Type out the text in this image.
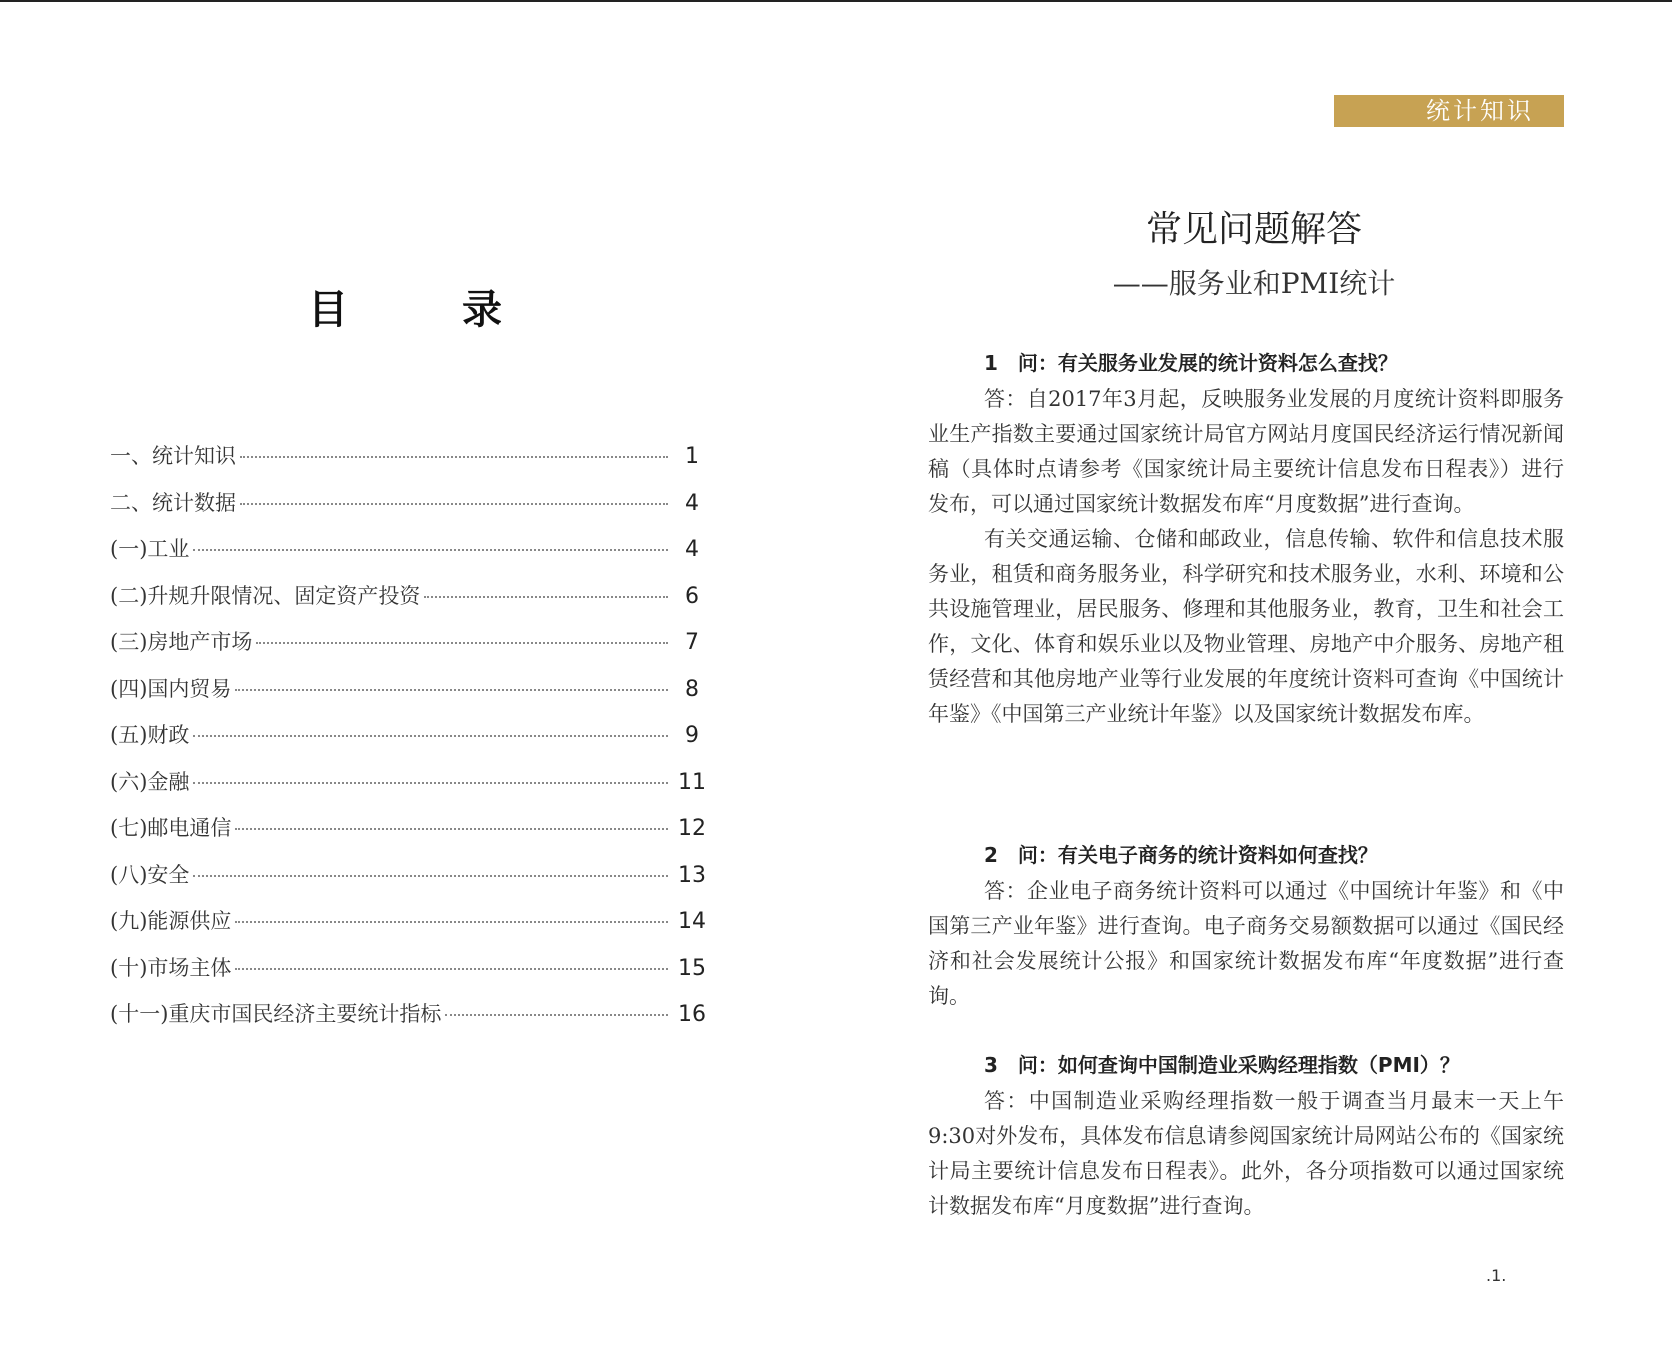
目 录
一、统计知识	1
二、统计数据	4
(一)工业	4
(二)升规升限情况、固定资产投资	6
(三)房地产市场	7
(四)国内贸易	8
(五)财政	9
(六)金融	11
(七)邮电通信	12
(八)安全	13
(九)能源供应	14
(十)市场主体	15
(十一)重庆市国民经济主要统计指标	16
统计知识
常见问题解答
——服务业和PMI统计
1　问：有关服务业发展的统计资料怎么查找？

答：自2017年3月起，反映服务业发展的月度统计资料即服务业生产指数主要通过国家统计局官方网站月度国民经济运行情况新闻稿（具体时点请参考《国家统计局主要统计信息发布日程表》）进行发布，可以通过国家统计数据发布库“月度数据”进行查询。

有关交通运输、仓储和邮政业，信息传输、软件和信息技术服务业，租赁和商务服务业，科学研究和技术服务业，水利、环境和公共设施管理业，居民服务、修理和其他服务业，教育，卫生和社会工作，文化、体育和娱乐业以及物业管理、房地产中介服务、房地产租赁经营和其他房地产业等行业发展的年度统计资料可查询《中国统计年鉴》《中国第三产业统计年鉴》以及国家统计数据发布库。

2　问：有关电子商务的统计资料如何查找？

答：企业电子商务统计资料可以通过《中国统计年鉴》和《中国第三产业年鉴》进行查询。电子商务交易额数据可以通过《国民经济和社会发展统计公报》和国家统计数据发布库“年度数据”进行查询。

3　问：如何查询中国制造业采购经理指数（PMI）？

答：中国制造业采购经理指数一般于调查当月最末一天上午9:30对外发布，具体发布信息请参阅国家统计局网站公布的《国家统计局主要统计信息发布日程表》。此外，各分项指数可以通过国家统计数据发布库“月度数据”进行查询。

.1.
